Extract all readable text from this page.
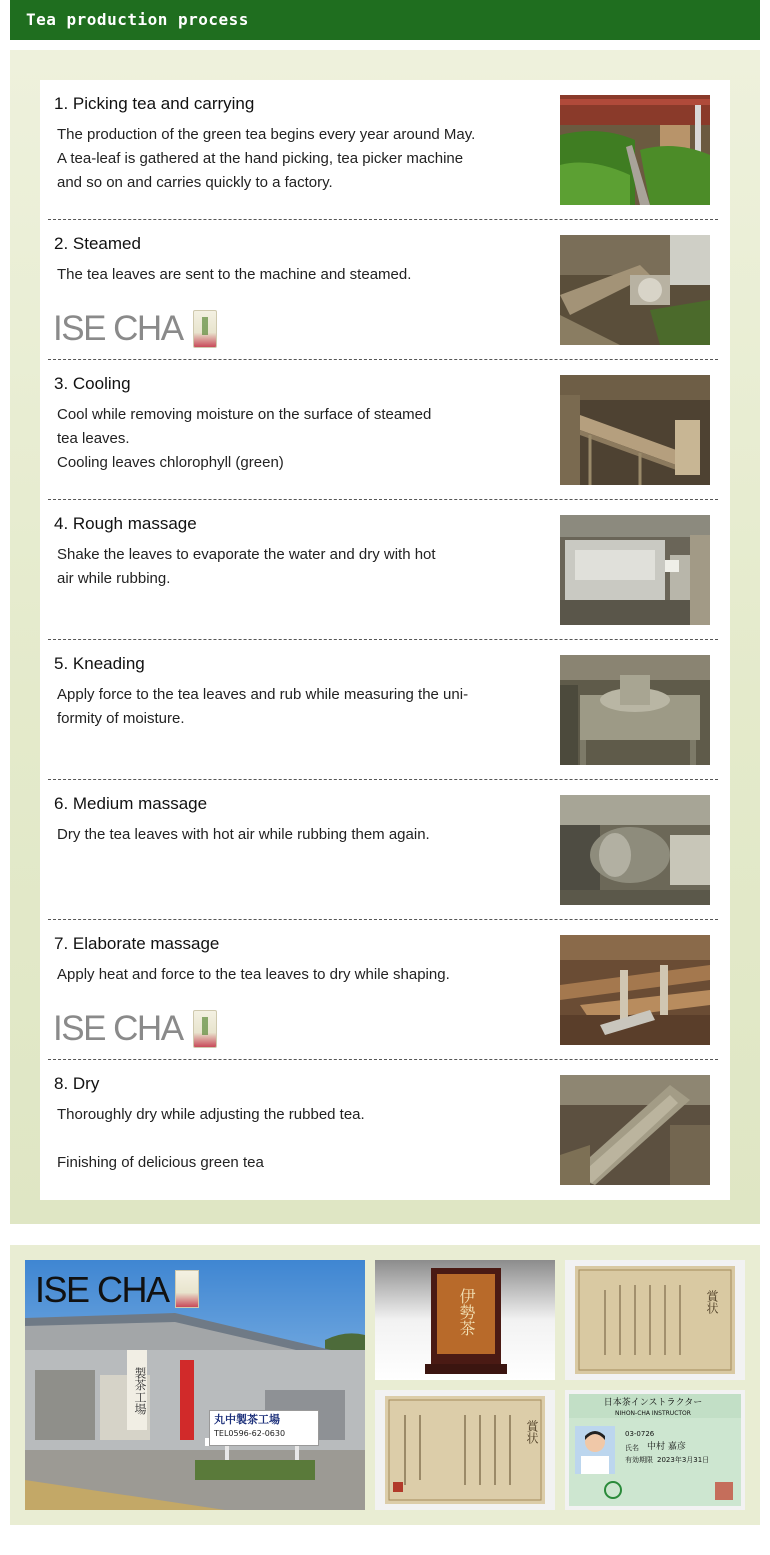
Tea production process
1. Picking tea and carrying

The production of the green tea begins every year around May.

A tea-leaf is gathered at the hand picking, tea picker machine

and so on and carries quickly to a factory.

2. Steamed

The tea leaves are sent to the machine and steamed.

ISE CHA
3. Cooling

Cool while removing moisture on the surface of steamed

tea leaves.

Cooling leaves chlorophyll (green)

4. Rough massage

Shake the leaves to evaporate the water and dry with hot

air while rubbing.

5. Kneading

Apply force to the tea leaves and rub while measuring the uni-

formity of moisture.

6. Medium massage

Dry the tea leaves with hot air while rubbing them again.

7. Elaborate massage

Apply heat and force to the tea leaves to dry while shaping.

ISE CHA
8. Dry

Thoroughly dry while adjusting the rubbed tea.

Finishing of delicious green tea

ISE CHA
製茶工場
丸中製茶工場
TEL0596-62-0630
伊勢茶	賞状
賞状
日本茶インストラクター
NIHON-CHA INSTRUCTOR
03-0726
氏名 中村 嘉彦
有効期限 2023年3月31日
